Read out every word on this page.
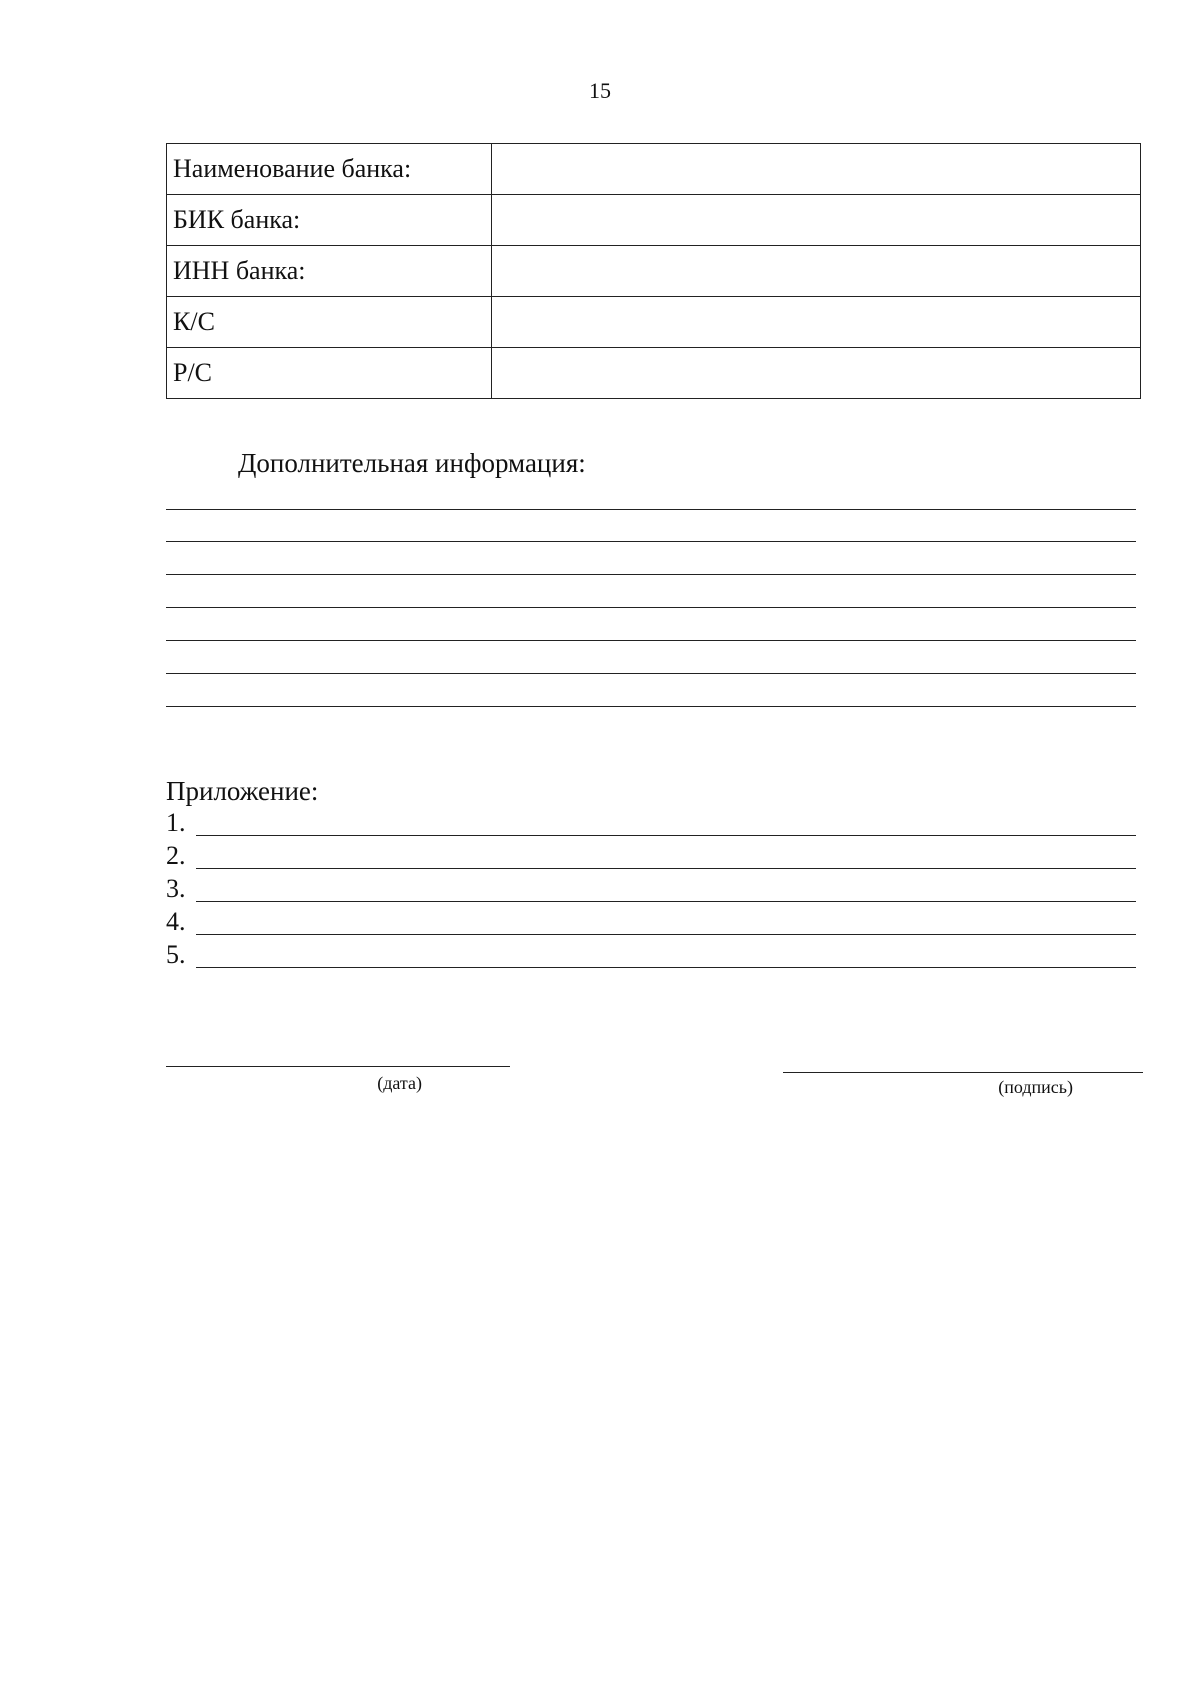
15
Наименование банка:	
БИК банка:	
ИНН банка:	
К/С	
Р/С	
Дополнительная информация:
Приложение:
1.
2.
3.
4.
5.
(дата)	(подпись)
